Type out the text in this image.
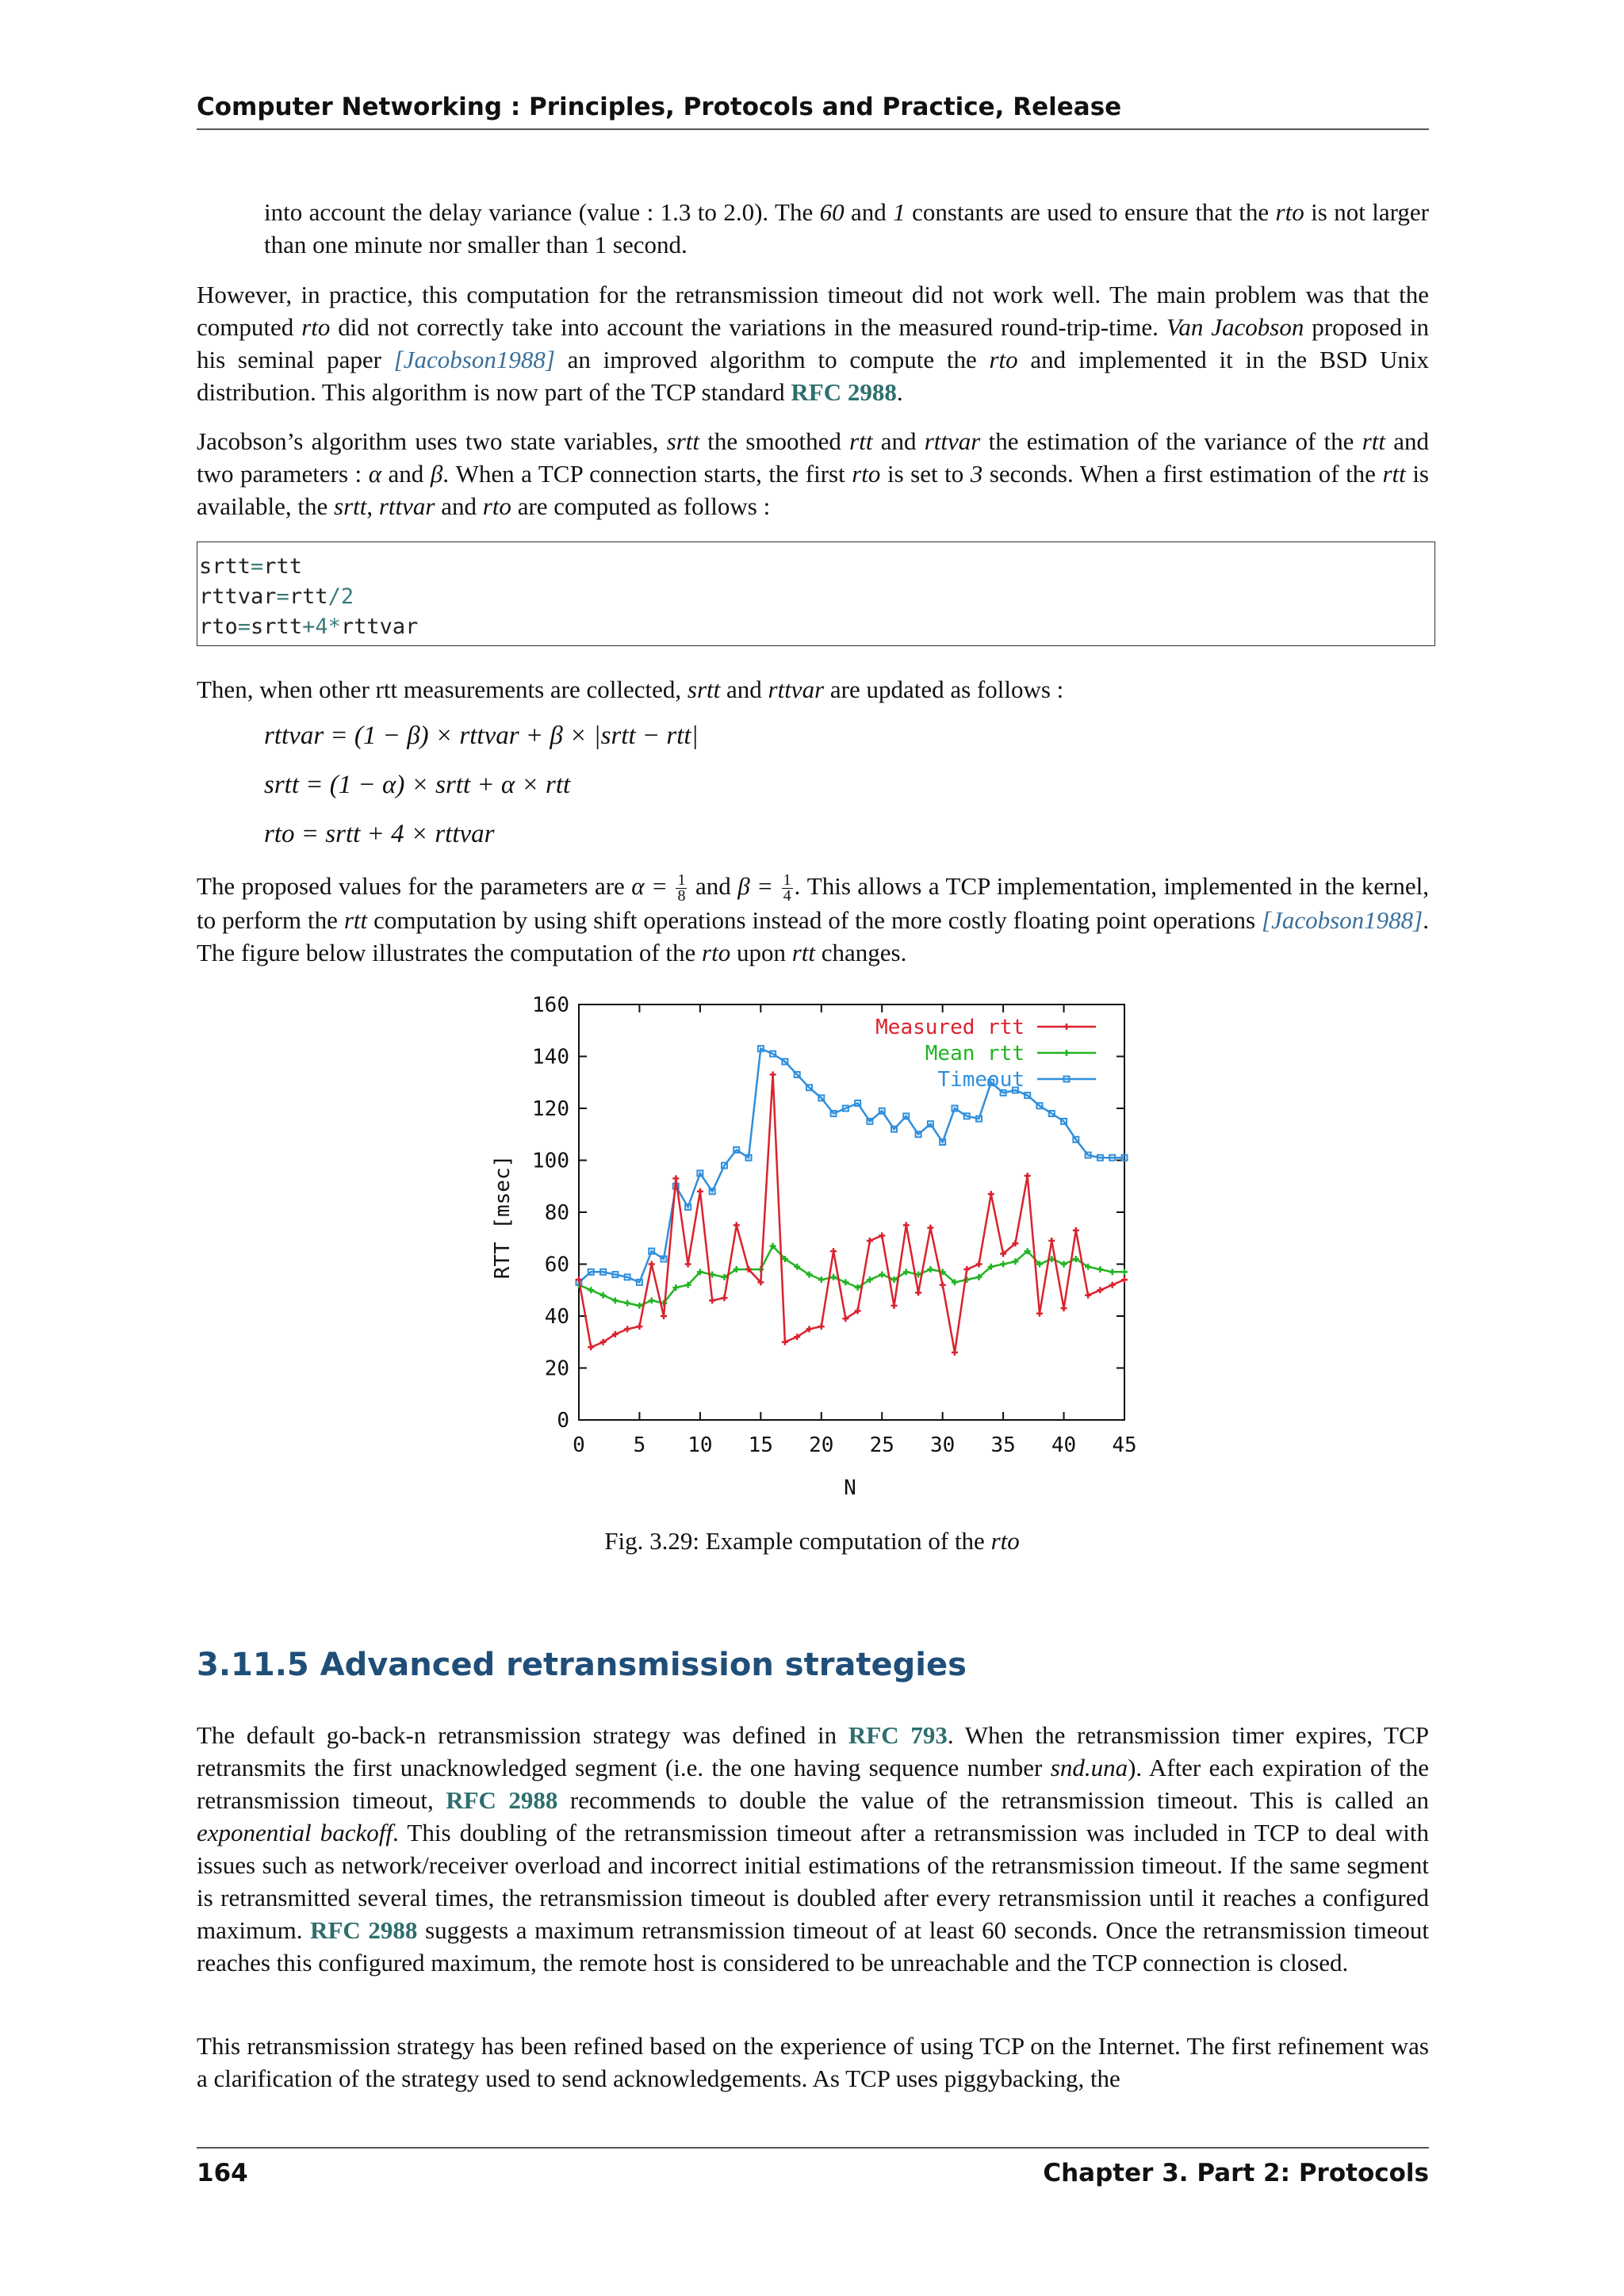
Computer Networking : Principles, Protocols and Practice, Release
into account the delay variance (value : 1.3 to 2.0). The 60 and 1 constants are used to ensure that the rto is not larger than one minute nor smaller than 1 second.
However, in practice, this computation for the retransmission timeout did not work well. The main problem was that the computed rto did not correctly take into account the variations in the measured round-trip-time. Van Jacobson proposed in his seminal paper [Jacobson1988] an improved algorithm to compute the rto and implemented it in the BSD Unix distribution. This algorithm is now part of the TCP standard RFC 2988.
Jacobson’s algorithm uses two state variables, srtt the smoothed rtt and rttvar the estimation of the variance of the rtt and two parameters : α and β. When a TCP connection starts, the first rto is set to 3 seconds. When a first estimation of the rtt is available, the srtt, rttvar and rto are computed as follows :
srtt=rtt
rttvar=rtt/2
rto=srtt+4*rttvar
Then, when other rtt measurements are collected, srtt and rttvar are updated as follows :
rttvar = (1 − β) × rttvar + β × |srtt − rtt|
srtt = (1 − α) × srtt + α × rtt
rto = srtt + 4 × rttvar
The proposed values for the parameters are $\alpha = \frac{1}{8}$ and $\beta = \frac{1}{4}$ . This allows a TCP implementation, implemented in the kernel, to perform the rtt computation by using shift operations instead of the more costly floating point operations [Jacobson1988]. The figure below illustrates the computation of the rto upon rtt changes.
0
20
40
60
80
100
120
140
160
0 5 10 15 20 25 30 35 40 45
Measured rtt
Mean rtt
Timeout
N
RTT [msec]
Fig. 3.29: Example computation of the rto
3.11.5 Advanced retransmission strategies
The default go-back-n retransmission strategy was defined in RFC 793. When the retransmission timer expires, TCP retransmits the first unacknowledged segment (i.e. the one having sequence number snd.una). After each expiration of the retransmission timeout, RFC 2988 recommends to double the value of the retransmission timeout. This is called an exponential backoff. This doubling of the retransmission timeout after a retransmission was included in TCP to deal with issues such as network/receiver overload and incorrect initial estimations of the retransmission timeout. If the same segment is retransmitted several times, the retransmission timeout is doubled after every retransmission until it reaches a configured maximum. RFC 2988 suggests a maximum retransmission timeout of at least 60 seconds. Once the retransmission timeout reaches this configured maximum, the remote host is considered to be unreachable and the TCP connection is closed.
This retransmission strategy has been refined based on the experience of using TCP on the Internet. The first refinement was a clarification of the strategy used to send acknowledgements. As TCP uses piggybacking, the
164	Chapter 3. Part 2: Protocols
